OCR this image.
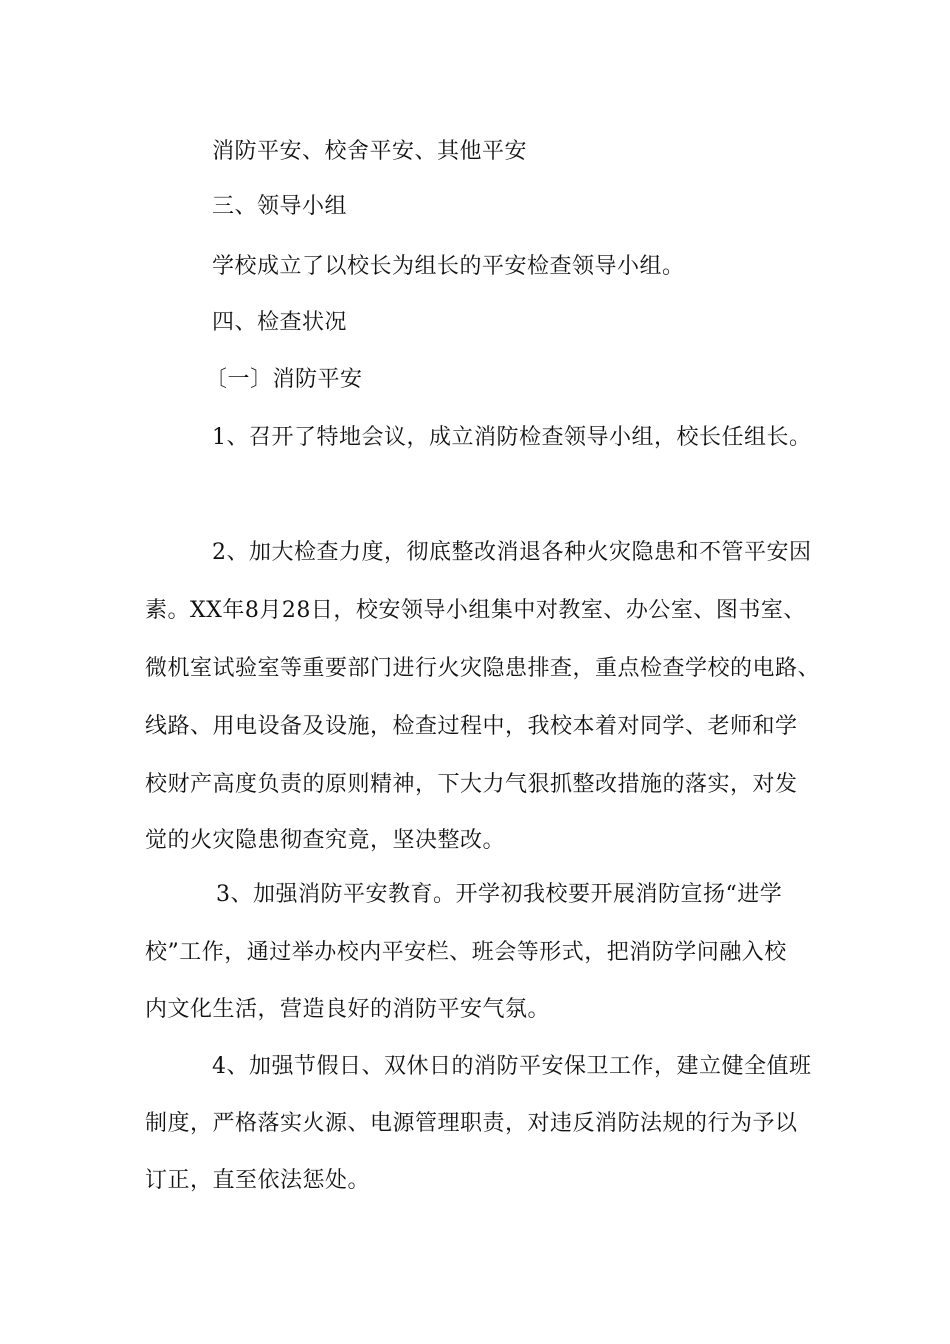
消防平安、校舍平安、其他平安
三、领导小组
学校成立了以校长为组长的平安检查领导小组。
四、检查状况
〔一〕消防平安
1、召开了特地会议，成立消防检查领导小组，校长任组长。
2、加大检查力度，彻底整改消退各种火灾隐患和不管平安因
素。XX年8月28日，校安领导小组集中对教室、办公室、图书室、
微机室试验室等重要部门进行火灾隐患排查，重点检查学校的电路、
线路、用电设备及设施，检查过程中，我校本着对同学、老师和学
校财产高度负责的原则精神，下大力气狠抓整改措施的落实，对发
觉的火灾隐患彻查究竟，坚决整改。
3、加强消防平安教育。开学初我校要开展消防宣扬“进学
校”工作，通过举办校内平安栏、班会等形式，把消防学问融入校
内文化生活，营造良好的消防平安气氛。
4、加强节假日、双休日的消防平安保卫工作，建立健全值班
制度，严格落实火源、电源管理职责，对违反消防法规的行为予以
订正，直至依法惩处。
